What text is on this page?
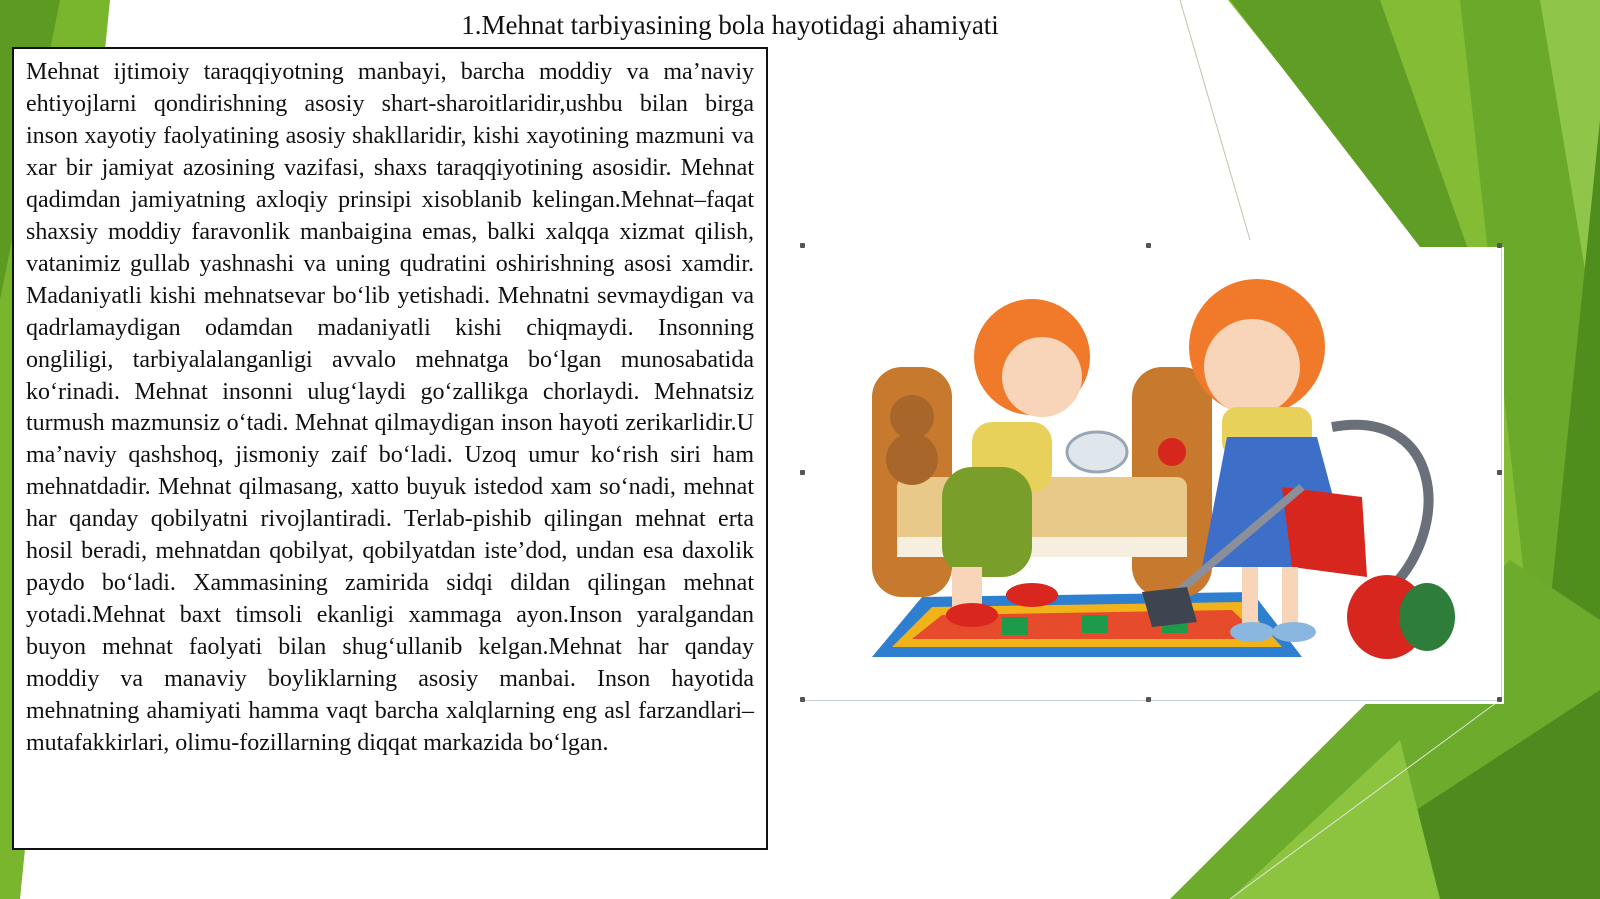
1.Mehnat tarbiyasining bola hayotidagi ahamiyati

Mehnat ijtimoiy taraqqiyotning manbayi, barcha moddiy va ma’naviy ehtiyojlarni qondirishning asosiy shart-sharoitlaridir,ushbu bilan birga inson xayotiy faolyatining asosiy shakllaridir, kishi xayotining mazmuni va xar bir jamiyat azosining vazifasi, shaxs taraqqiyotining asosidir. Mehnat qadimdan jamiyatning axloqiy prinsipi xisoblanib kelingan.Mehnat–faqat shaxsiy moddiy faravonlik manbaigina emas, balki xalqqa xizmat qilish, vatanimiz gullab yashnashi va uning qudratini oshirishning asosi xamdir. Madaniyatli kishi mehnatsevar bo‘lib yetishadi. Mehnatni sevmaydigan va qadrlamaydigan odamdan madaniyatli kishi chiqmaydi. Insonning ongliligi, tarbiyalalanganligi avvalo mehnatga bo‘lgan munosabatida ko‘rinadi. Mehnat insonni ulug‘laydi go‘zallikga chorlaydi. Mehnatsiz turmush mazmunsiz o‘tadi. Mehnat qilmaydigan inson hayoti zerikarlidir.U ma’naviy qashshoq, jismoniy zaif bo‘ladi. Uzoq umur ko‘rish siri ham mehnatdadir. Mehnat qilmasang, xatto buyuk istedod xam so‘nadi, mehnat har qanday qobilyatni rivojlantiradi. Terlab-pishib qilingan mehnat erta hosil beradi, mehnatdan qobilyat, qobilyatdan iste’dod, undan esa daxolik paydo bo‘ladi. Xammasining zamirida sidqi dildan qilingan mehnat yotadi.Mehnat baxt timsoli ekanligi xammaga ayon.Inson yaralgandan buyon mehnat faolyati bilan shug‘ullanib kelgan.Mehnat har qanday moddiy va manaviy boyliklarning asosiy manbai. Inson hayotida mehnatning ahamiyati hamma vaqt barcha xalqlarning eng asl farzandlari–mutafakkirlari, olimu-fozillarning diqqat markazida bo‘lgan.
